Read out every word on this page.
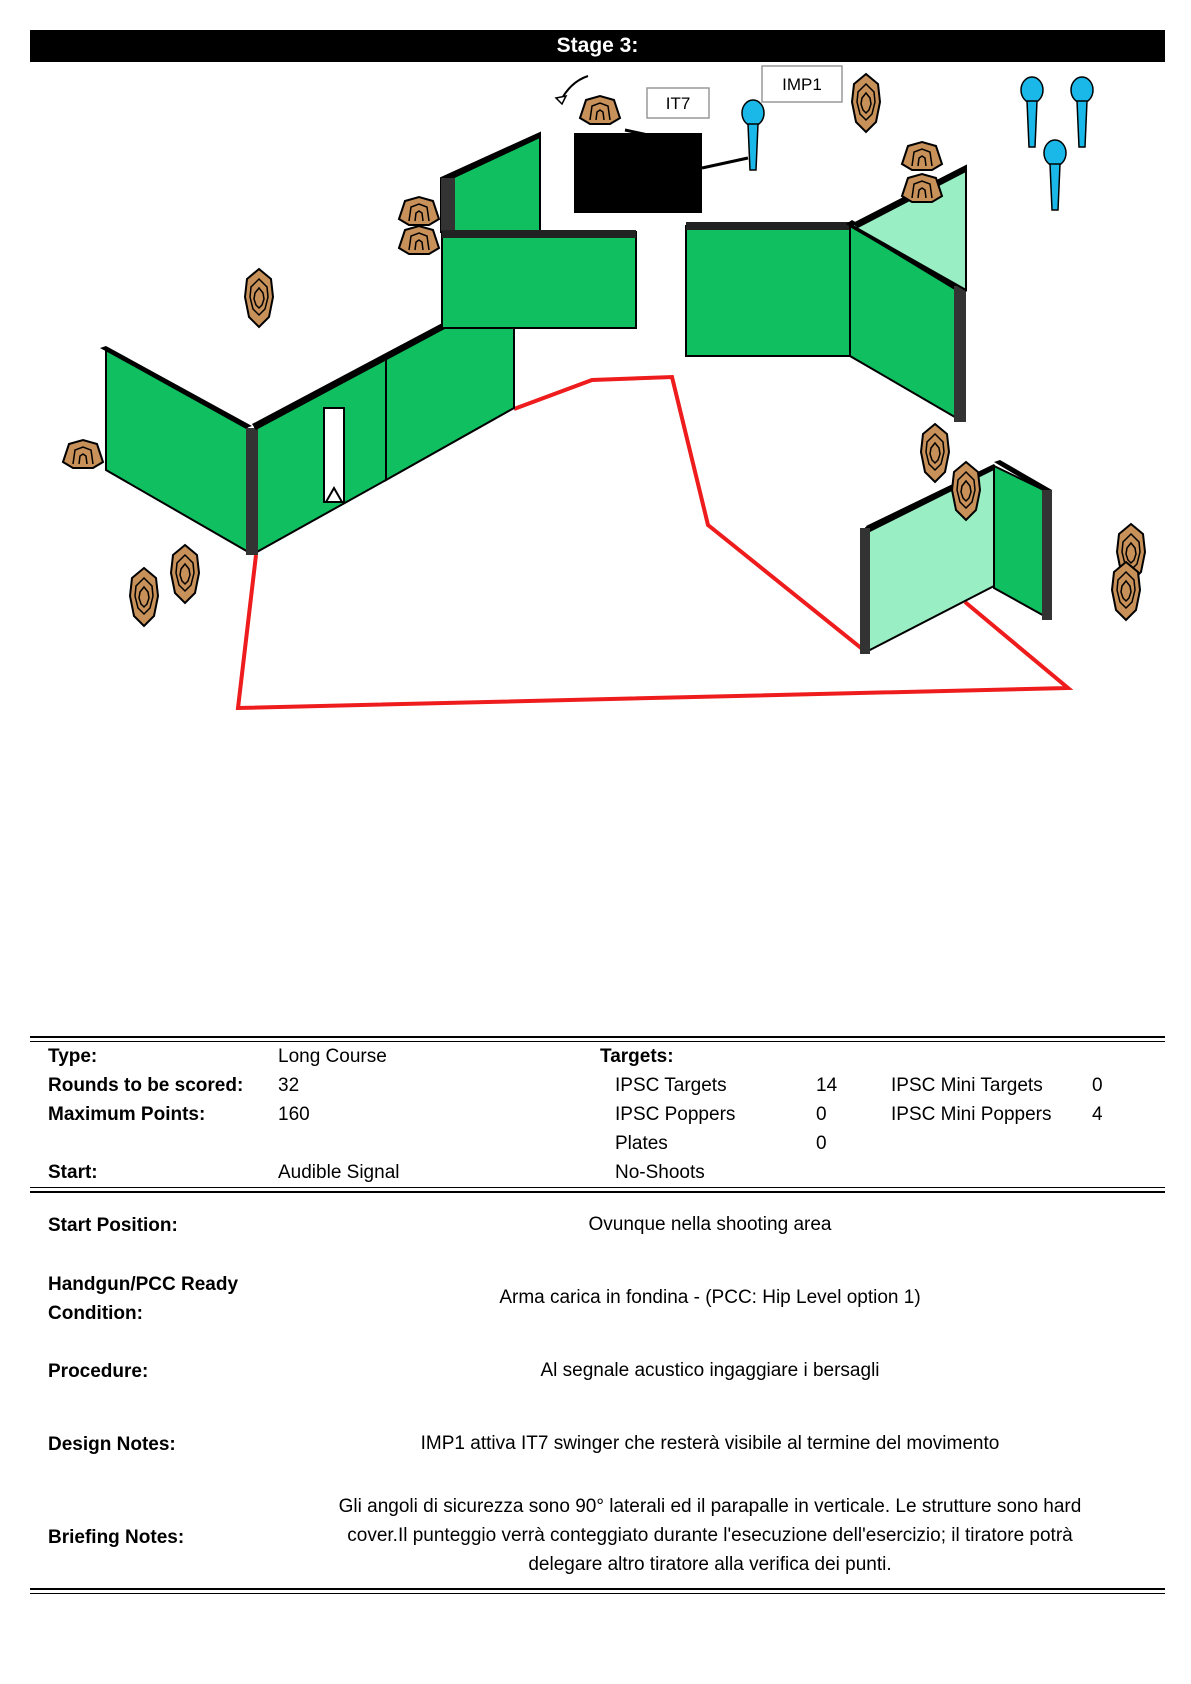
Stage 3:
IT7
IMP1
Type:	Long Course	Targets:
Rounds to be scored: 32	IPSC Targets	14	IPSC Mini Targets	0
Maximum Points:	160	IPSC Poppers	0	IPSC Mini Poppers 4
Plates	0
Start:	Audible Signal	No-Shoots
Start Position:	Ovunque nella shooting area
Handgun/PCC Ready
Condition:
Arma carica in fondina - (PCC: Hip Level option 1)
Procedure:	Al segnale acustico ingaggiare i bersagli
Design Notes:	IMP1 attiva IT7 swinger che resterà visibile al termine del movimento
Briefing Notes:
Gli angoli di sicurezza sono 90° laterali ed il parapalle in verticale. Le strutture sono hard
cover.Il punteggio verrà conteggiato durante l'esecuzione dell'esercizio; il tiratore potrà
delegare altro tiratore alla verifica dei punti.
